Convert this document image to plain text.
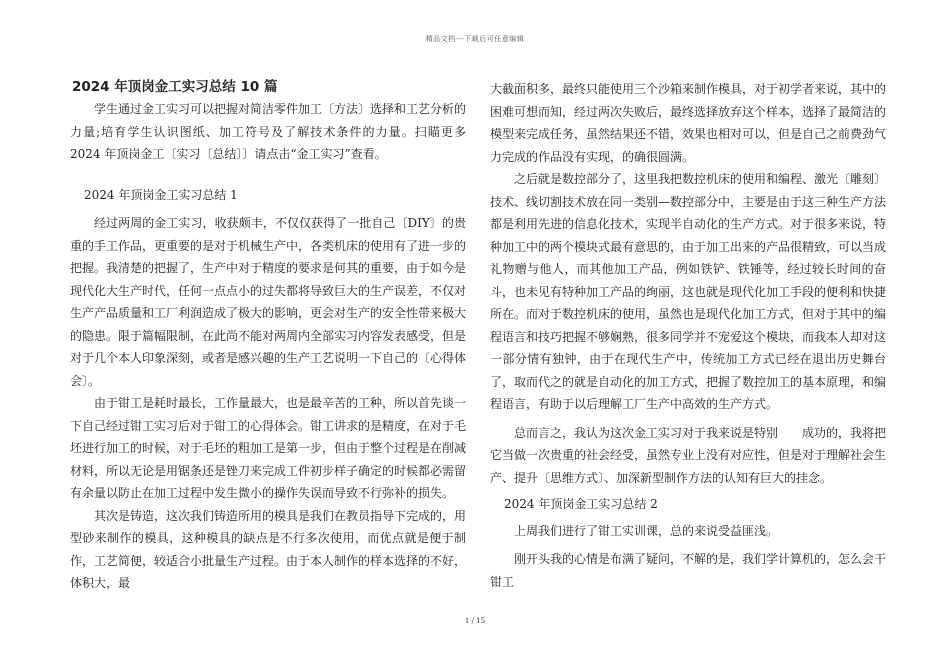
精品文档---下载后可任意编辑
2024 年顶岗金工实习总结 10 篇

学生通过金工实习可以把握对简洁零件加工〔方法〕选择和工艺分析的力量;培育学生认识图纸、加工符号及了解技术条件的力量。扫瞄更多 2024 年顶岗金工〔实习〔总结〕〕请点击“金工实习”查看。

2024 年顶岗金工实习总结 1

经过两周的金工实习，收获颇丰，不仅仅获得了一批自己〔DIY〕的贵重的手工作品，更重要的是对于机械生产中，各类机床的使用有了进一步的把握。我清楚的把握了，生产中对于精度的要求是何其的重要，由于如今是现代化大生产时代，任何一点点小的过失都将导致巨大的生产误差，不仅对生产产品质量和工厂利润造成了极大的影响，更会对生产的安全性带来极大的隐患。限于篇幅限制，在此尚不能对两周内全部实习内容发表感受，但是对于几个本人印象深刻，或者是感兴趣的生产工艺说明一下自己的〔心得体会〕。

由于钳工是耗时最长，工作量最大，也是最辛苦的工种，所以首先谈一下自己经过钳工实习后对于钳工的心得体会。钳工讲求的是精度，在对于毛坯进行加工的时候，对于毛坯的粗加工是第一步，但由于整个过程是在削减材料，所以无论是用锯条还是锉刀来完成工件初步样子确定的时候都必需留有余量以防止在加工过程中发生微小的操作失误而导致不行弥补的损失。

其次是铸造，这次我们铸造所用的模具是我们在教员指导下完成的，用型砂来制作的模具，这种模具的缺点是不行多次使用，而优点就是便于制作，工艺简便，较适合小批量生产过程。由于本人制作的样本选择的不好，体积大，最

大截面积多，最终只能使用三个沙箱来制作模具，对于初学者来说，其中的困难可想而知，经过两次失败后，最终选择放弃这个样本，选择了最简洁的模型来完成任务，虽然结果还不错，效果也相对可以，但是自己之前费劲气力完成的作品没有实现，的确很圆满。

之后就是数控部分了，这里我把数控机床的使用和编程、激光〔雕刻〕技术、线切割技术放在同一类别—数控部分中，主要是由于这三种生产方法都是利用先进的信息化技术，实现半自动化的生产方式。对于很多来说，特种加工中的两个模块式最有意思的，由于加工出来的产品很精致，可以当成礼物赠与他人，而其他加工产品，例如铁铲、铁锤等，经过较长时间的奋斗，也未见有特种加工产品的绚丽，这也就是现代化加工手段的便利和快捷所在。而对于数控机床的使用，虽然也是现代化加工方式，但对于其中的编程语言和技巧把握不够娴熟，很多同学并不宠爱这个模块，而我本人却对这一部分情有独钟，由于在现代生产中，传统加工方式已经在退出历史舞台了，取而代之的就是自动化的加工方式，把握了数控加工的基本原理，和编程语言，有助于以后理解工厂生产中高效的生产方式。

总而言之，我认为这次金工实习对于我来说是特别　　成功的，我将把它当做一次贵重的社会经受，虽然专业上没有对应性，但是对于理解社会生产、提升〔思维方式〕、加深新型制作方法的认知有巨大的挂念。

2024 年顶岗金工实习总结 2

上周我们进行了钳工实训课，总的来说受益匪浅。

刚开头我的心情是布满了疑问，不解的是，我们学计算机的，怎么会干钳工

1 / 15
